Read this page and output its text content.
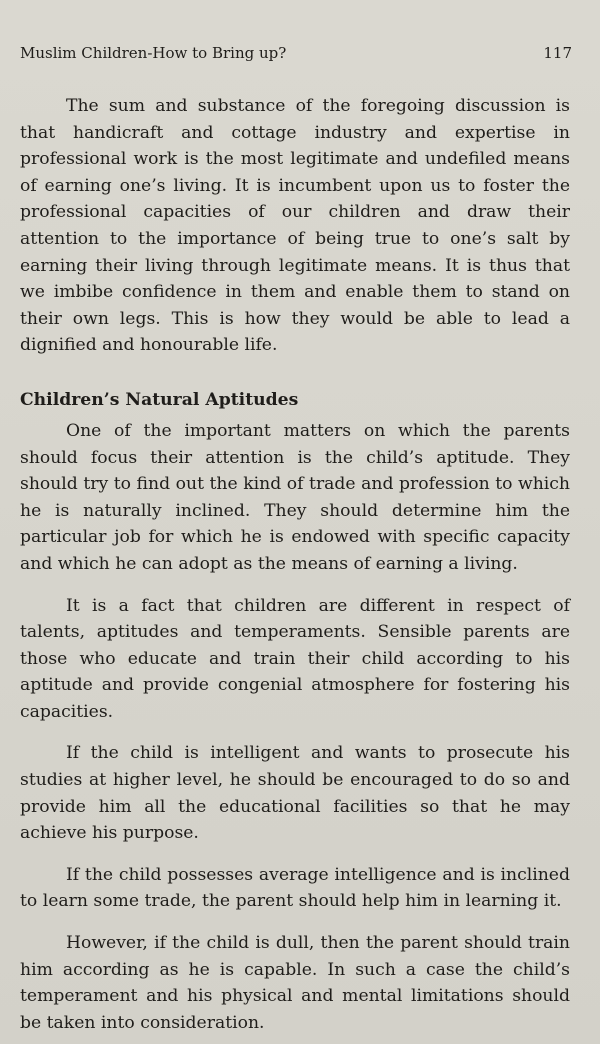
Muslim Children-How to Bring up?	117

The sum and substance of the foregoing discussion is that handicraft and cottage industry and expertise in professional work is the most legitimate and undefiled means of earning one’s living. It is incumbent upon us to foster the professional capacities of our children and draw their attention to the importance of being true to one’s salt by earning their living through legitimate means. It is thus that we imbibe confidence in them and enable them to stand on their own legs. This is how they would be able to lead a dignified and honourable life.

Children’s Natural Aptitudes

One of the important matters on which the parents should focus their attention is the child’s aptitude. They should try to find out the kind of trade and profession to which he is naturally inclined. They should determine him the particular job for which he is endowed with specific capacity and which he can adopt as the means of earning a living.

It is a fact that children are different in respect of talents, aptitudes and temperaments. Sensible parents are those who educate and train their child according to his aptitude and provide congenial atmosphere for fostering his capacities.

If the child is intelligent and wants to prosecute his studies at higher level, he should be encouraged to do so and provide him all the educational facilities so that he may achieve his purpose.

If the child possesses average intelligence and is inclined to learn some trade, the parent should help him in learning it.

However, if the child is dull, then the parent should train him according as he is capable. In such a case the child’s temperament and his physical and mental limitations should be taken into consideration.
